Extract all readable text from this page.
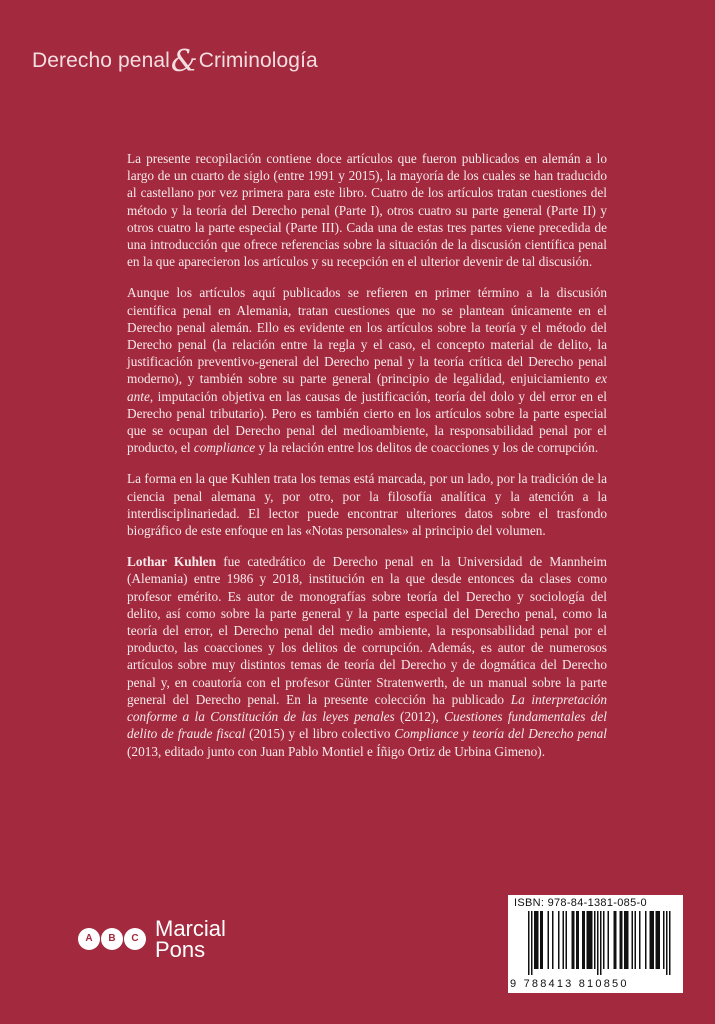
Derecho penal&Criminología

La presente recopilación contiene doce artículos que fueron publicados en alemán a lo largo de un cuarto de siglo (entre 1991 y 2015), la mayoría de los cuales se han traducido al castellano por vez primera para este libro. Cuatro de los artículos tratan cuestiones del método y la teoría del Derecho penal (Parte I), otros cuatro su parte general (Parte II) y otros cuatro la parte especial (Parte III). Cada una de estas tres partes viene precedida de una introducción que ofrece referencias sobre la situación de la discusión científica penal en la que aparecieron los artículos y su recepción en el ulterior devenir de tal discusión.

Aunque los artículos aquí publicados se refieren en primer término a la discusión científica penal en Alemania, tratan cuestiones que no se plantean únicamente en el Derecho penal alemán. Ello es evidente en los artículos sobre la teoría y el método del Derecho penal (la relación entre la regla y el caso, el concepto material de delito, la justificación preventivo-general del Derecho penal y la teoría crítica del Derecho penal moderno), y también sobre su parte general (principio de legalidad, enjuiciamiento ex ante, imputación objetiva en las causas de justificación, teoría del dolo y del error en el Derecho penal tributario). Pero es también cierto en los artículos sobre la parte especial que se ocupan del Derecho penal del medioambiente, la responsabilidad penal por el producto, el compliance y la relación entre los delitos de coacciones y los de corrupción.

La forma en la que Kuhlen trata los temas está marcada, por un lado, por la tradición de la ciencia penal alemana y, por otro, por la filosofía analítica y la atención a la interdisciplinariedad. El lector puede encontrar ulteriores datos sobre el trasfondo biográfico de este enfoque en las «Notas personales» al principio del volumen.

Lothar Kuhlen fue catedrático de Derecho penal en la Universidad de Mannheim (Alemania) entre 1986 y 2018, institución en la que desde entonces da clases como profesor emérito. Es autor de monografías sobre teoría del Derecho y sociología del delito, así como sobre la parte general y la parte especial del Derecho penal, como la teoría del error, el Derecho penal del medio ambiente, la responsabilidad penal por el producto, las coacciones y los delitos de corrupción. Además, es autor de numerosos artículos sobre muy distintos temas de teoría del Derecho y de dogmática del Derecho penal y, en coautoría con el profesor Günter Stratenwerth, de un manual sobre la parte general del Derecho penal. En la presente colección ha publicado La interpretación conforme a la Constitución de las leyes penales (2012), Cuestiones fundamentales del delito de fraude fiscal (2015) y el libro colectivo Compliance y teoría del Derecho penal (2013, editado junto con Juan Pablo Montiel e Íñigo Ortiz de Urbina Gimeno).

A	B	C Marcial
Pons
ISBN: 978-84-1381-085-0
9 788413 810850
